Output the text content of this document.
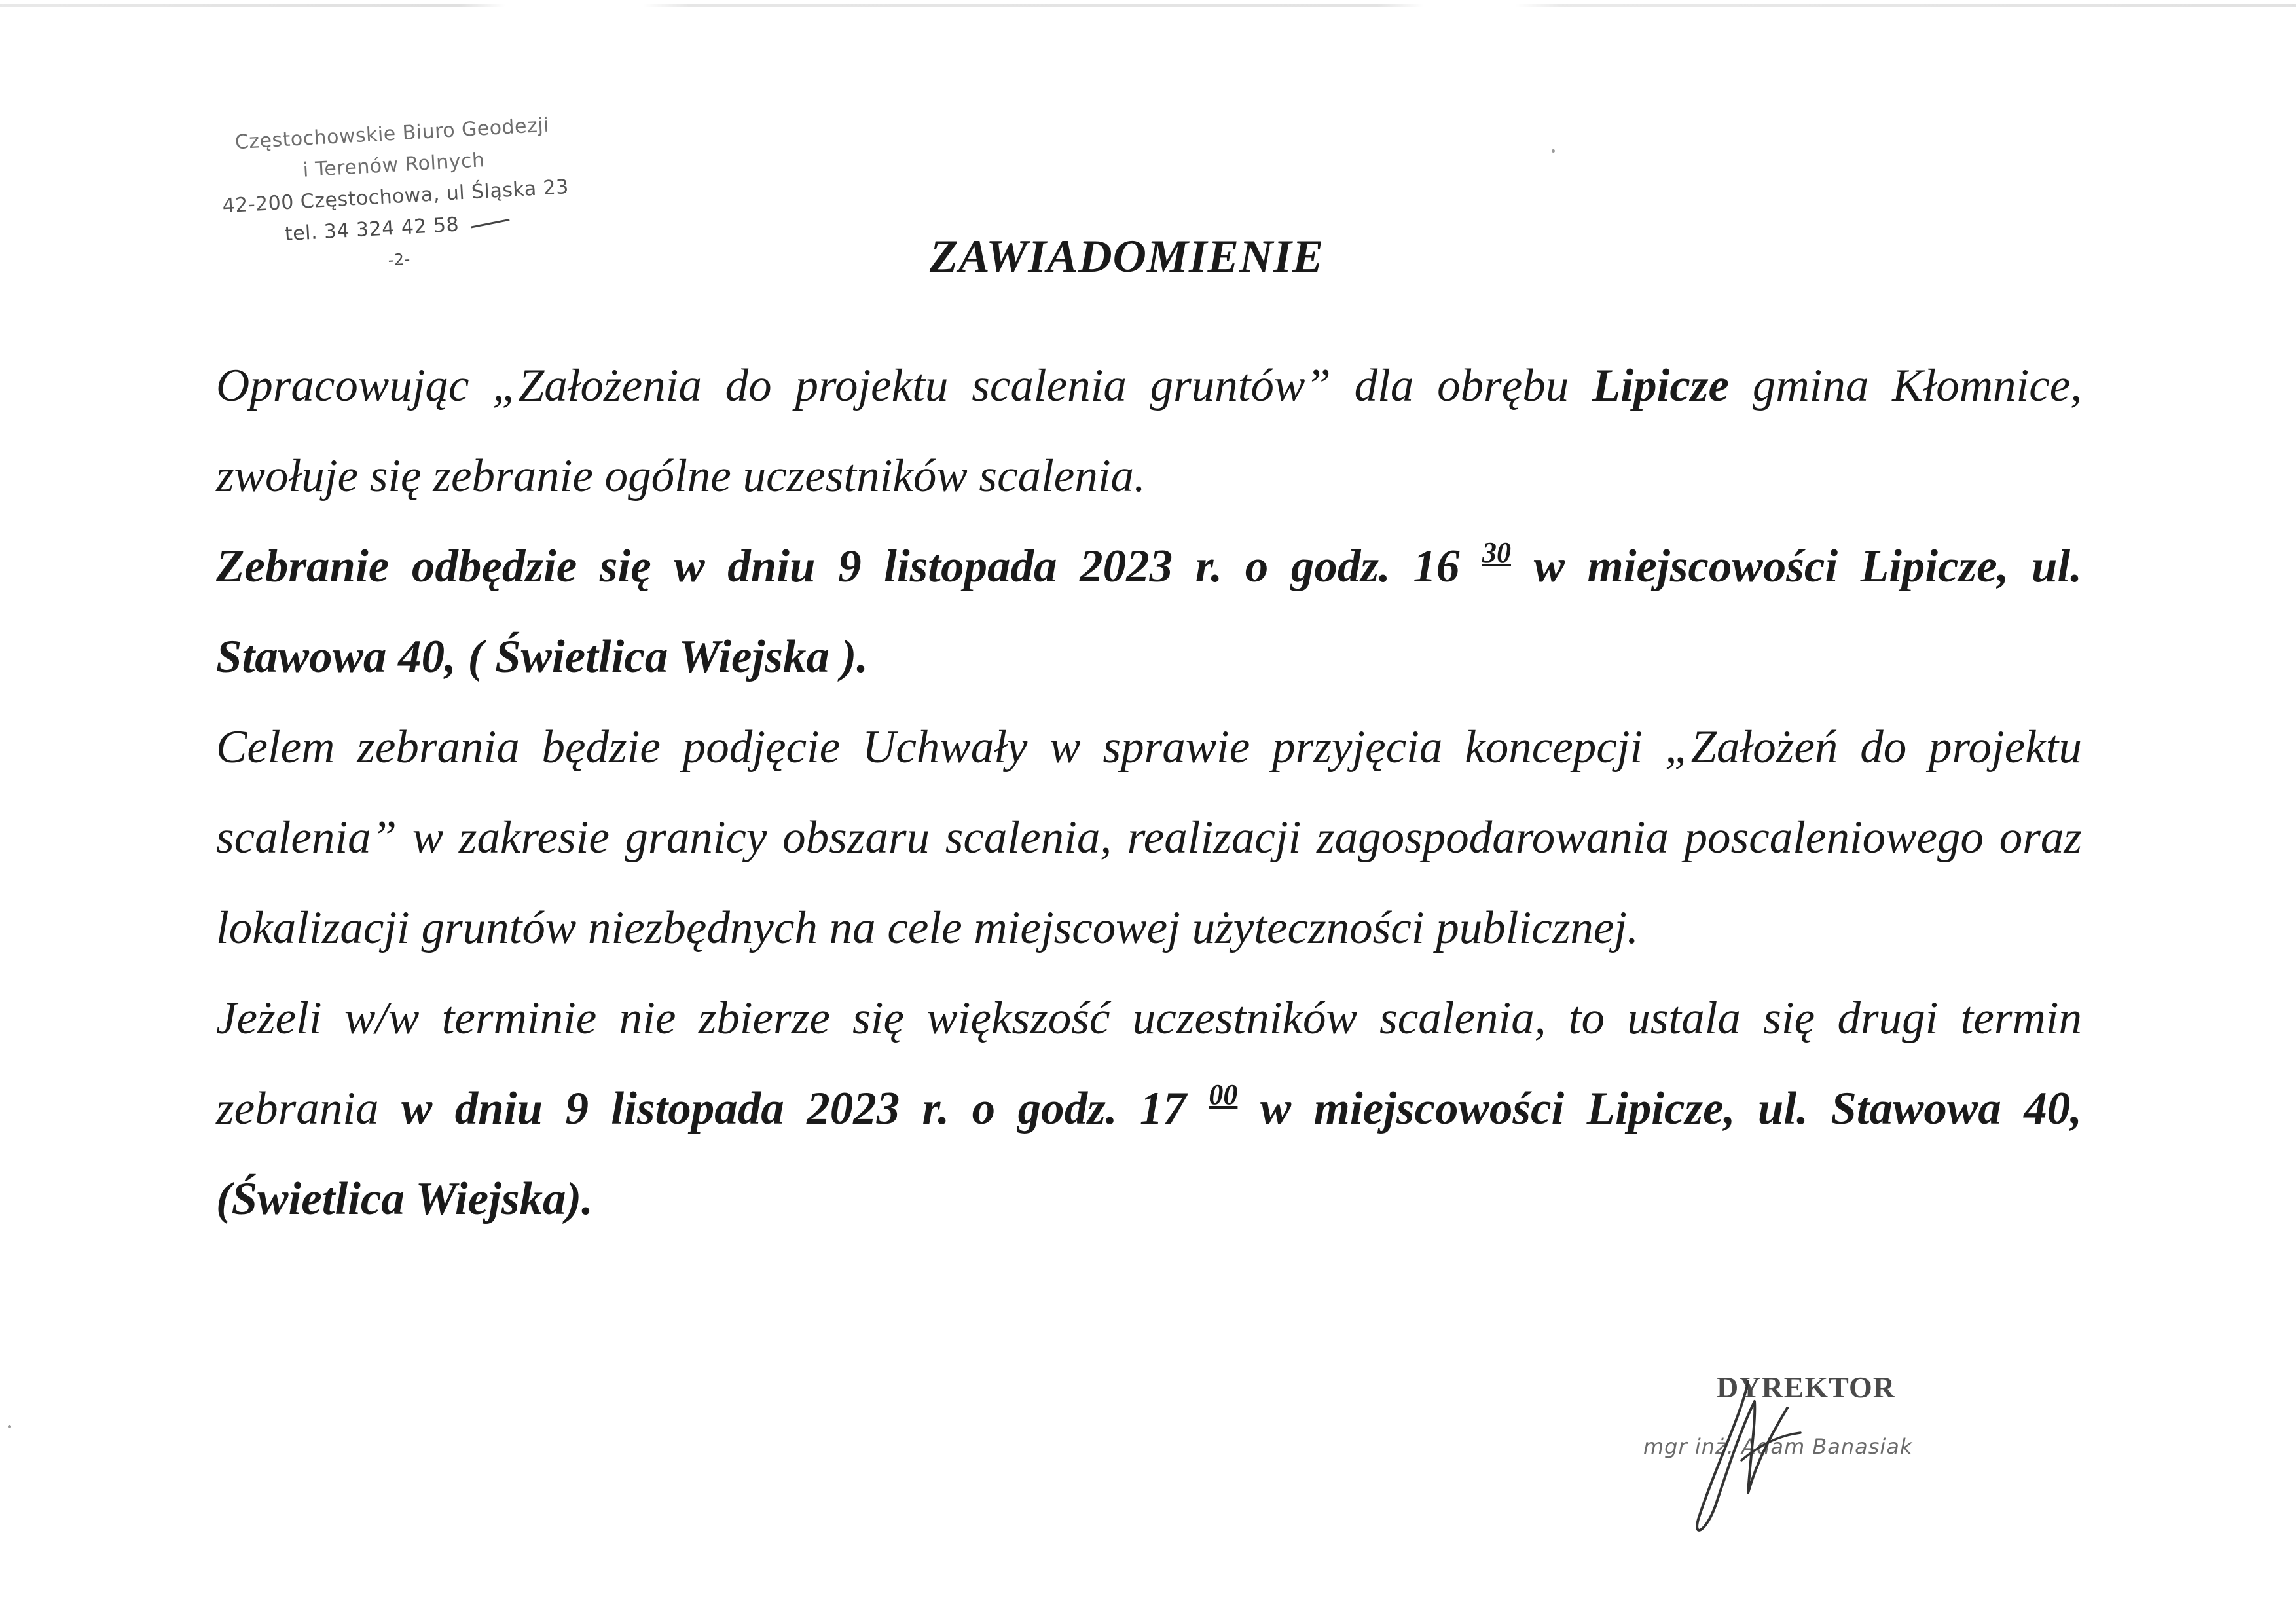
Częstochowskie Biuro Geodezji
i Terenów Rolnych
42-200 Częstochowa, ul Śląska 23
tel. 34 324 42 58
-2-	ZAWIADOMIENIE

Opracowując „Założenia do projektu scalenia gruntów” dla obrębu Lipicze gmina Kłomnice, zwołuje się zebranie ogólne uczestników scalenia.

Zebranie odbędzie się w dniu 9 listopada 2023 r. o godz. 16 $^{30}$ w miejscowości Lipicze, ul. Stawowa 40, ( Świetlica Wiejska ).

Celem zebrania będzie podjęcie Uchwały w sprawie przyjęcia koncepcji „Założeń do projektu scalenia” w zakresie granicy obszaru scalenia, realizacji zagospodarowania poscaleniowego oraz lokalizacji gruntów niezbędnych na cele miejscowej użyteczności publicznej.

Jeżeli w/w terminie nie zbierze się większość uczestników scalenia, to ustala się drugi termin zebrania w dniu 9 listopada 2023 r. o godz. 17 $^{00}$ w miejscowości Lipicze, ul. Stawowa 40, (Świetlica Wiejska).

DYREKTOR
mgr inż. Adam Banasiak
